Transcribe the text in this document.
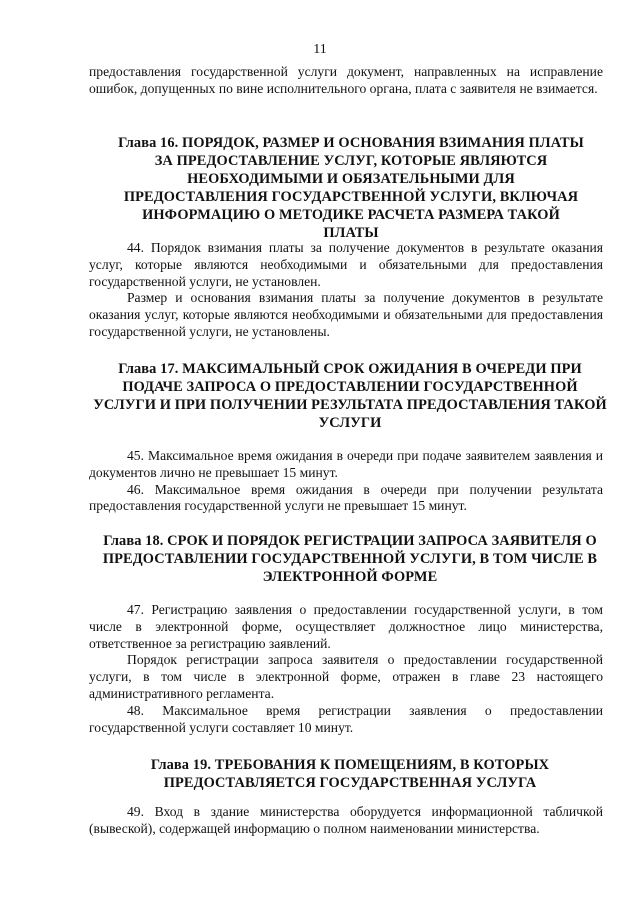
11

предоставления государственной услуги документ, направленных на исправление ошибок, допущенных по вине исполнительного органа, плата с заявителя не взимается.

Глава 16. ПОРЯДОК, РАЗМЕР И ОСНОВАНИЯ ВЗИМАНИЯ ПЛАТЫ ЗА ПРЕДОСТАВЛЕНИЕ УСЛУГ, КОТОРЫЕ ЯВЛЯЮТСЯ НЕОБХОДИМЫМИ И ОБЯЗАТЕЛЬНЫМИ ДЛЯ ПРЕДОСТАВЛЕНИЯ ГОСУДАРСТВЕННОЙ УСЛУГИ, ВКЛЮЧАЯ ИНФОРМАЦИЮ О МЕТОДИКЕ РАСЧЕТА РАЗМЕРА ТАКОЙ ПЛАТЫ

44. Порядок взимания платы за получение документов в результате оказания услуг, которые являются необходимыми и обязательными для предоставления государственной услуги, не установлен.

Размер и основания взимания платы за получение документов в результате оказания услуг, которые являются необходимыми и обязательными для предоставления государственной услуги, не установлены.

Глава 17. МАКСИМАЛЬНЫЙ СРОК ОЖИДАНИЯ В ОЧЕРЕДИ ПРИ ПОДАЧЕ ЗАПРОСА О ПРЕДОСТАВЛЕНИИ ГОСУДАРСТВЕННОЙ УСЛУГИ И ПРИ ПОЛУЧЕНИИ РЕЗУЛЬТАТА ПРЕДОСТАВЛЕНИЯ ТАКОЙ УСЛУГИ

45. Максимальное время ожидания в очереди при подаче заявителем заявления и документов лично не превышает 15 минут.

46. Максимальное время ожидания в очереди при получении результата предоставления государственной услуги не превышает 15 минут.

Глава 18. СРОК И ПОРЯДОК РЕГИСТРАЦИИ ЗАПРОСА ЗАЯВИТЕЛЯ О ПРЕДОСТАВЛЕНИИ ГОСУДАРСТВЕННОЙ УСЛУГИ, В ТОМ ЧИСЛЕ В ЭЛЕКТРОННОЙ ФОРМЕ

47. Регистрацию заявления о предоставлении государственной услуги, в том числе в электронной форме, осуществляет должностное лицо министерства, ответственное за регистрацию заявлений.

Порядок регистрации запроса заявителя о предоставлении государственной услуги, в том числе в электронной форме, отражен в главе 23 настоящего административного регламента.

48. Максимальное время регистрации заявления о предоставлении государственной услуги составляет 10 минут.

Глава 19. ТРЕБОВАНИЯ К ПОМЕЩЕНИЯМ, В КОТОРЫХ ПРЕДОСТАВЛЯЕТСЯ ГОСУДАРСТВЕННАЯ УСЛУГА

49. Вход в здание министерства оборудуется информационной табличкой (вывеской), содержащей информацию о полном наименовании министерства.
